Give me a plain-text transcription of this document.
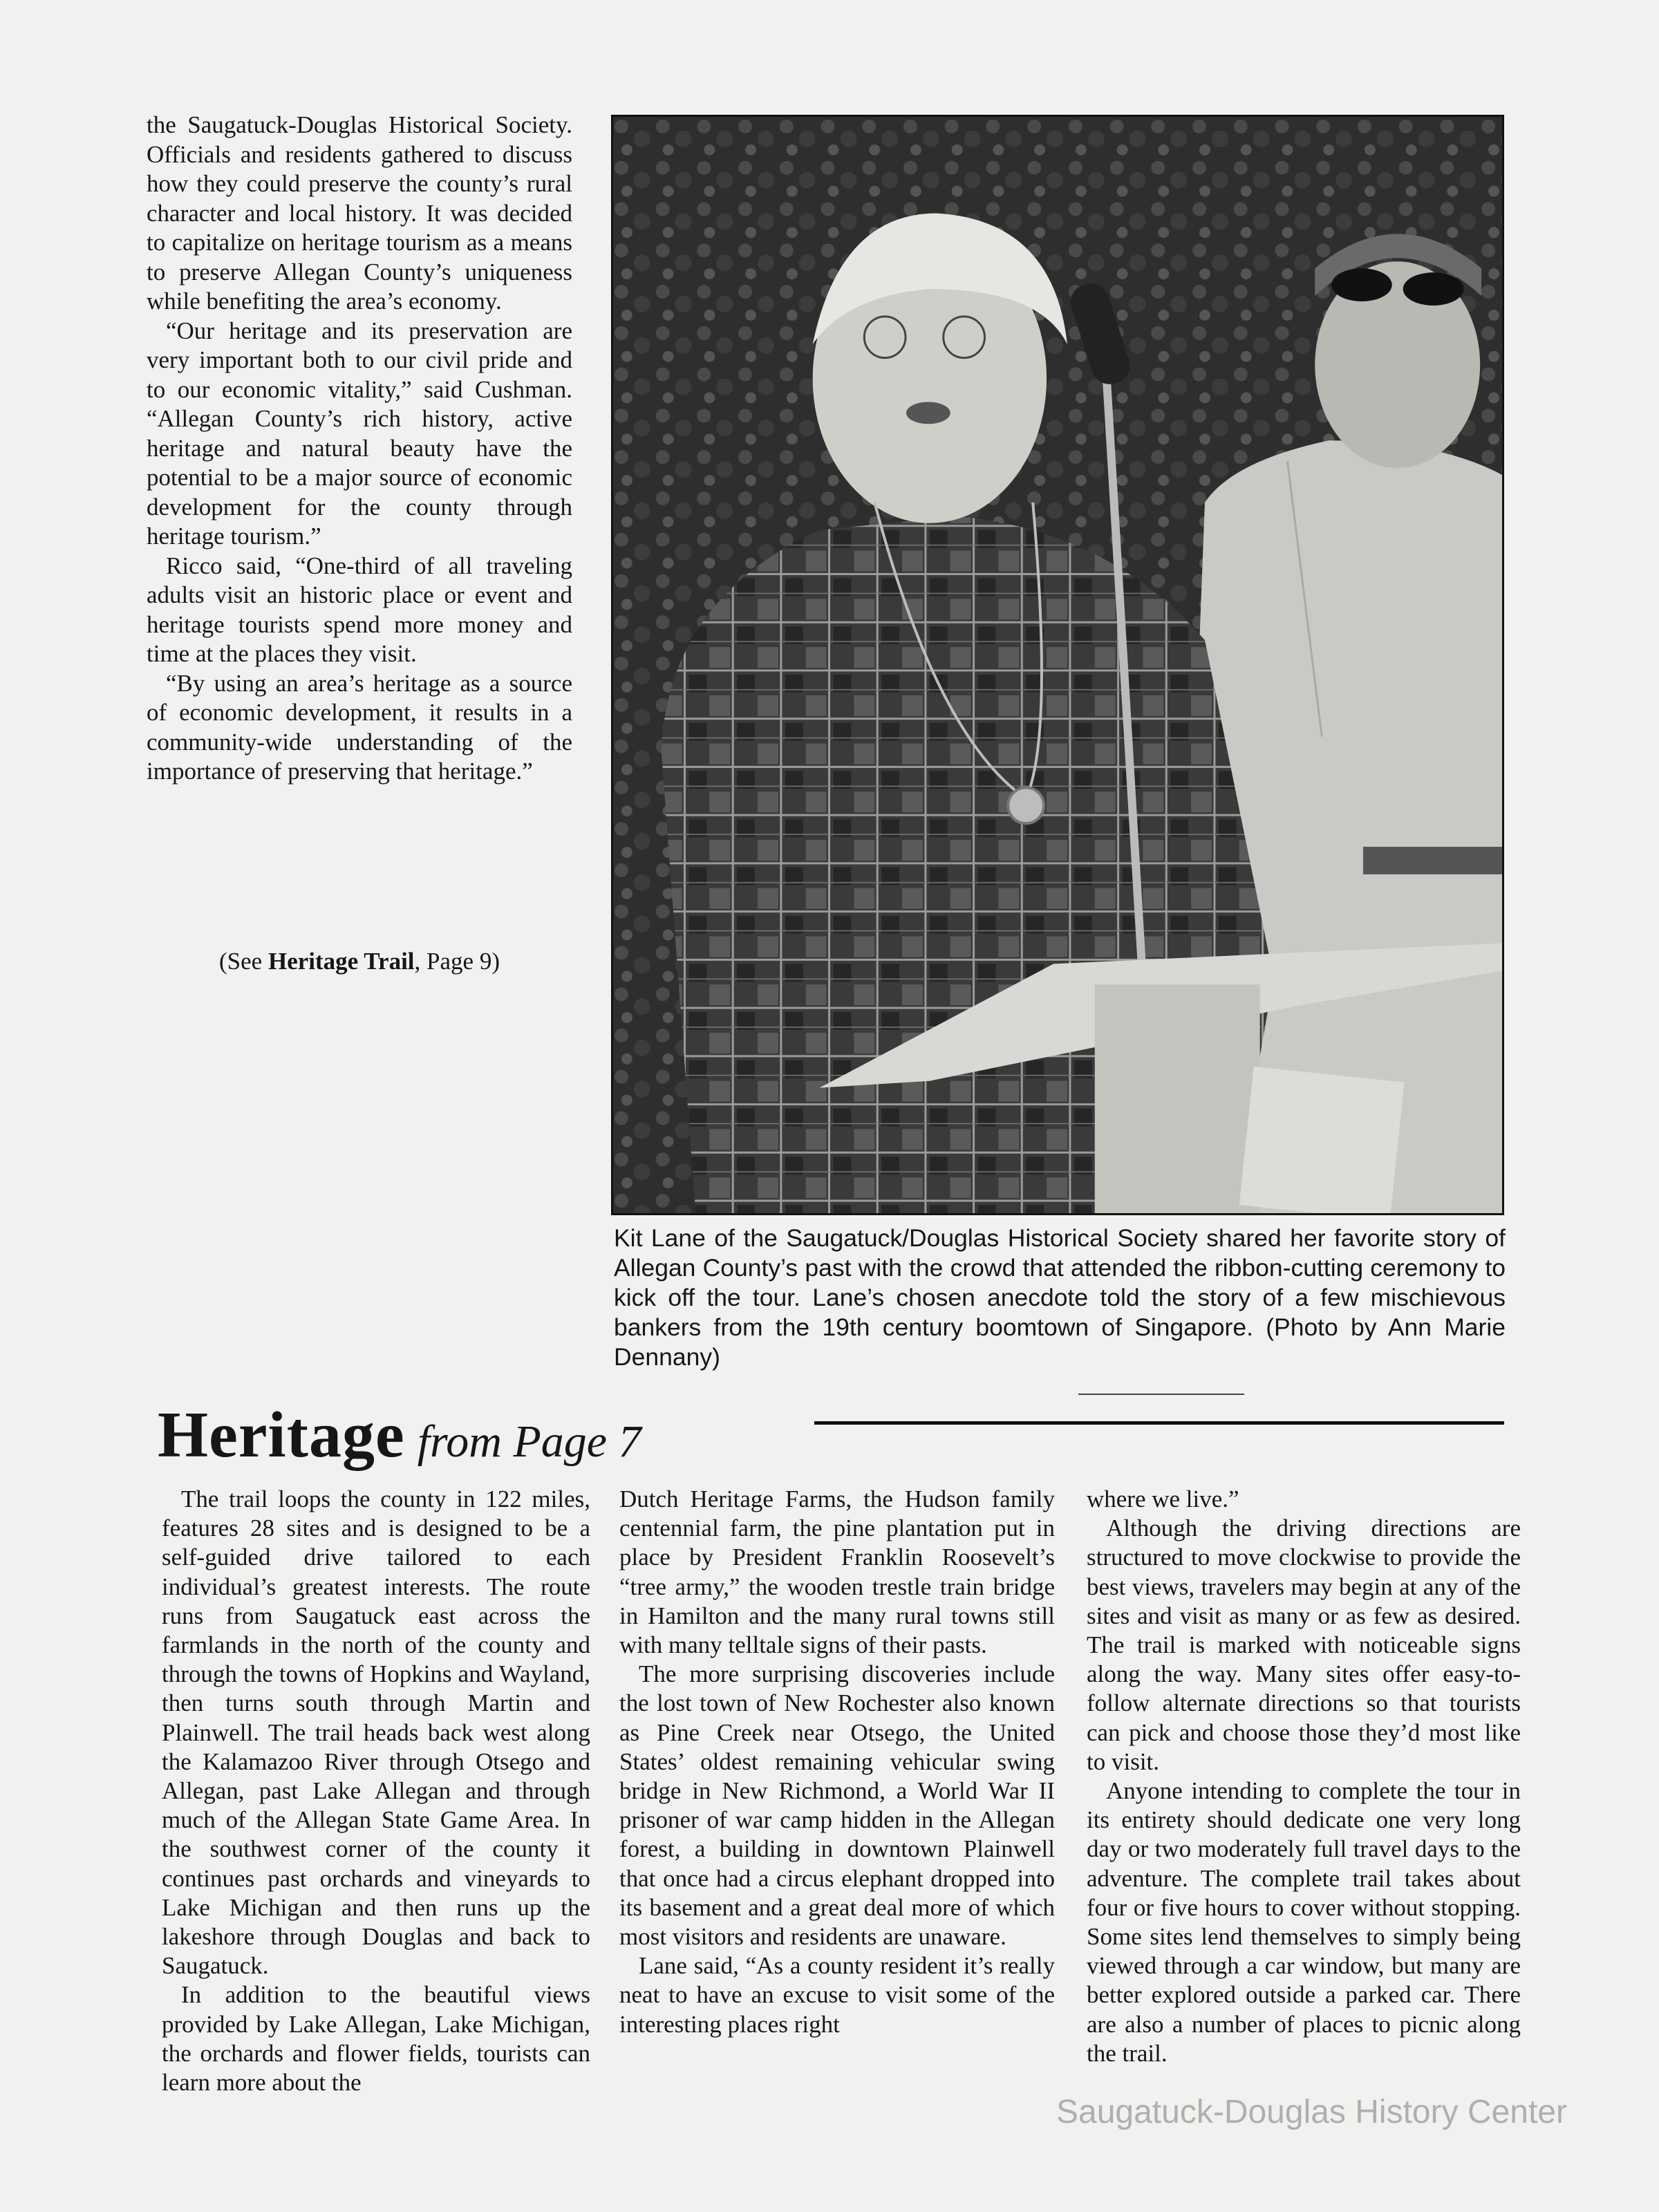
the Saugatuck-Douglas Historical Society. Officials and residents gathered to discuss how they could preserve the county’s rural character and local history. It was decided to capitalize on heritage tourism as a means to preserve Allegan County’s uniqueness while benefiting the area’s economy.

“Our heritage and its preservation are very important both to our civil pride and to our economic vitality,” said Cushman. “Allegan County’s rich history, active heritage and natural beauty have the potential to be a major source of economic development for the county through heritage tourism.”

Ricco said, “One-third of all traveling adults visit an historic place or event and heritage tourists spend more money and time at the places they visit.

“By using an area’s heritage as a source of economic development, it results in a community-wide understanding of the importance of preserving that heritage.”

(See Heritage Trail, Page 9)
Kit Lane of the Saugatuck/Douglas Historical Society shared her favorite story of Allegan County’s past with the crowd that attended the ribbon-cutting ceremony to kick off the tour. Lane’s chosen anecdote told the story of a few mischievous bankers from the 19th century boomtown of Singapore. (Photo by Ann Marie Dennany)
Heritage from Page 7

The trail loops the county in 122 miles, features 28 sites and is designed to be a self-guided drive tailored to each individual’s greatest interests. The route runs from Saugatuck east across the farmlands in the north of the county and through the towns of Hopkins and Wayland, then turns south through Martin and Plainwell. The trail heads back west along the Kalamazoo River through Otsego and Allegan, past Lake Allegan and through much of the Allegan State Game Area. In the southwest corner of the county it continues past orchards and vineyards to Lake Michigan and then runs up the lakeshore through Douglas and back to Saugatuck.

In addition to the beautiful views provided by Lake Allegan, Lake Michigan, the orchards and flower fields, tourists can learn more about the

Dutch Heritage Farms, the Hudson family centennial farm, the pine plantation put in place by President Franklin Roosevelt’s “tree army,” the wooden trestle train bridge in Hamilton and the many rural towns still with many telltale signs of their pasts.

The more surprising discoveries include the lost town of New Rochester also known as Pine Creek near Otsego, the United States’ oldest remaining vehicular swing bridge in New Richmond, a World War II prisoner of war camp hidden in the Allegan forest, a building in downtown Plainwell that once had a circus elephant dropped into its basement and a great deal more of which most visitors and residents are unaware.

Lane said, “As a county resident it’s really neat to have an excuse to visit some of the interesting places right

where we live.”

Although the driving directions are structured to move clockwise to provide the best views, travelers may begin at any of the sites and visit as many or as few as desired. The trail is marked with noticeable signs along the way. Many sites offer easy-to-follow alternate directions so that tourists can pick and choose those they’d most like to visit.

Anyone intending to complete the tour in its entirety should dedicate one very long day or two moderately full travel days to the adventure. The complete trail takes about four or five hours to cover without stopping. Some sites lend themselves to simply being viewed through a car window, but many are better explored outside a parked car. There are also a number of places to picnic along the trail.

Saugatuck-Douglas History Center
